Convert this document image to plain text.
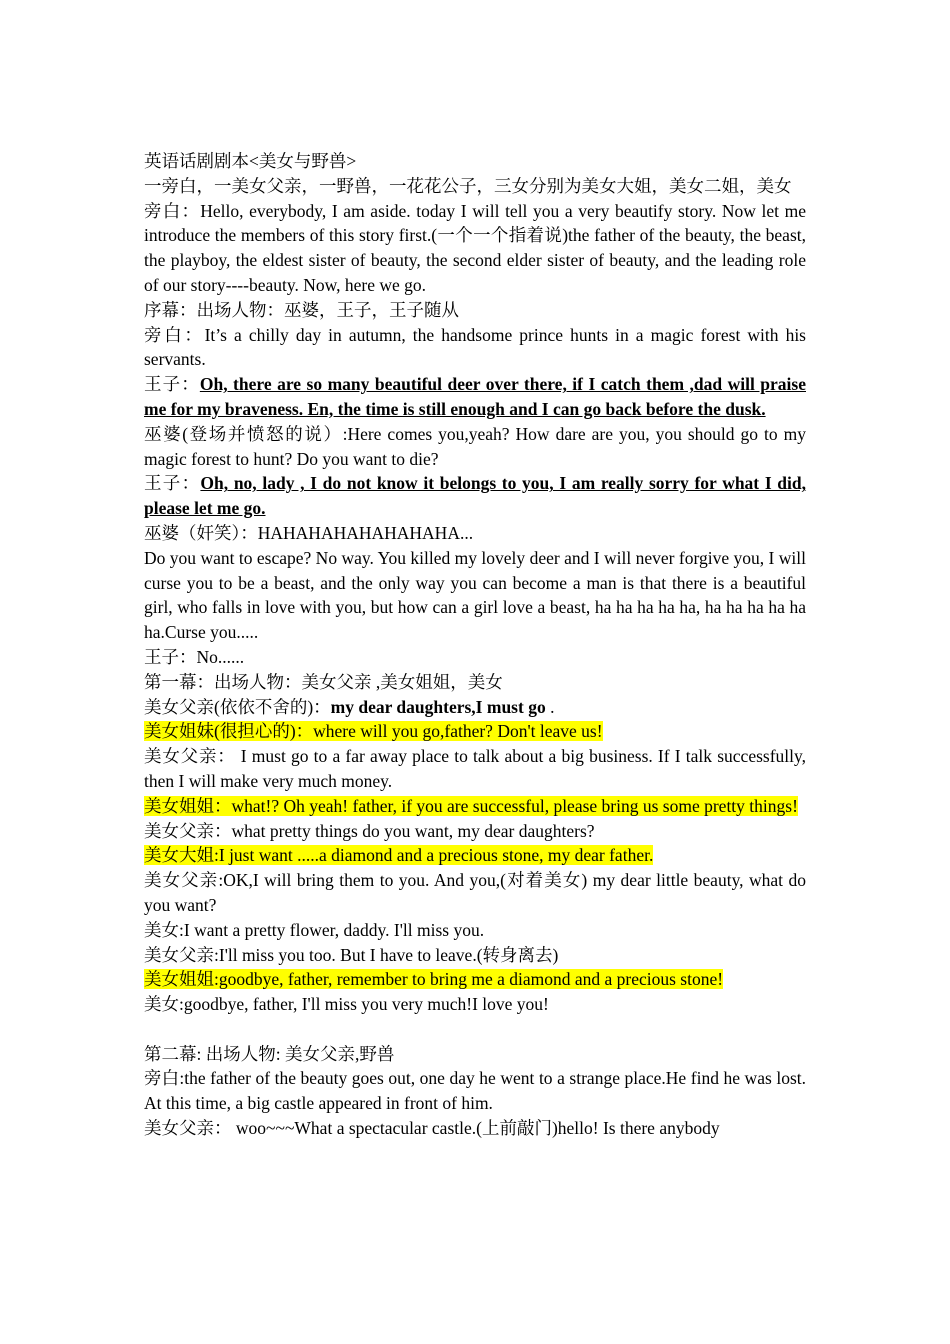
英语话剧剧本<美女与野兽>

一旁白，一美女父亲，一野兽，一花花公子，三女分别为美女大姐，美女二姐，美女

旁白：Hello, everybody, I am aside. today I will tell you a very beautify story. Now let me introduce the members of this story first.(一个一个指着说)the father of the beauty, the beast, the playboy, the eldest sister of beauty, the second elder sister of beauty, and the leading role of our story----beauty. Now, here we go.

序幕：出场人物：巫婆，王子，王子随从

旁白：It’s a chilly day in autumn, the handsome prince hunts in a magic forest with his servants.

王子：Oh, there are so many beautiful deer over there, if I catch them ,dad will praise me for my braveness. En, the time is still enough and I can go back before the dusk.

巫婆(登场并愤怒的说）:Here comes you,yeah? How dare are you, you should go to my magic forest to hunt? Do you want to die?

王子：Oh, no, lady , I do not know it belongs to you, I am really sorry for what I did, please let me go.

巫婆（奸笑）：HAHAHAHAHAHAHAHA...

Do you want to escape? No way. You killed my lovely deer and I will never forgive you, I will curse you to be a beast, and the only way you can become a man is that there is a beautiful girl, who falls in love with you, but how can a girl love a beast, ha ha ha ha ha, ha ha ha ha ha ha.Curse you.....

王子：No......

第一幕：出场人物：美女父亲 ,美女姐姐，美女

美女父亲(依依不舍的)：my dear daughters,I must go .

美女姐妹(很担心的)：where will you go,father? Don't leave us!

美女父亲： I must go to a far away place to talk about a big business. If I talk successfully, then I will make very much money.

美女姐姐：what!? Oh yeah! father, if you are successful, please bring us some pretty things!

美女父亲：what pretty things do you want, my dear daughters?

美女大姐:I just want .....a diamond and a precious stone, my dear father.

美女父亲:OK,I will bring them to you. And you,(对着美女) my dear little beauty, what do you want?

美女:I want a pretty flower, daddy. I'll miss you.

美女父亲:I'll miss you too. But I have to leave.(转身离去)

美女姐姐:goodbye, father, remember to bring me a diamond and a precious stone!

美女:goodbye, father, I'll miss you very much!I love you!

第二幕: 出场人物: 美女父亲,野兽

旁白:the father of the beauty goes out, one day he went to a strange place.He find he was lost. At this time, a big castle appeared in front of him.

美女父亲： woo~~~What a spectacular castle.(上前敲门)hello! Is there anybody
